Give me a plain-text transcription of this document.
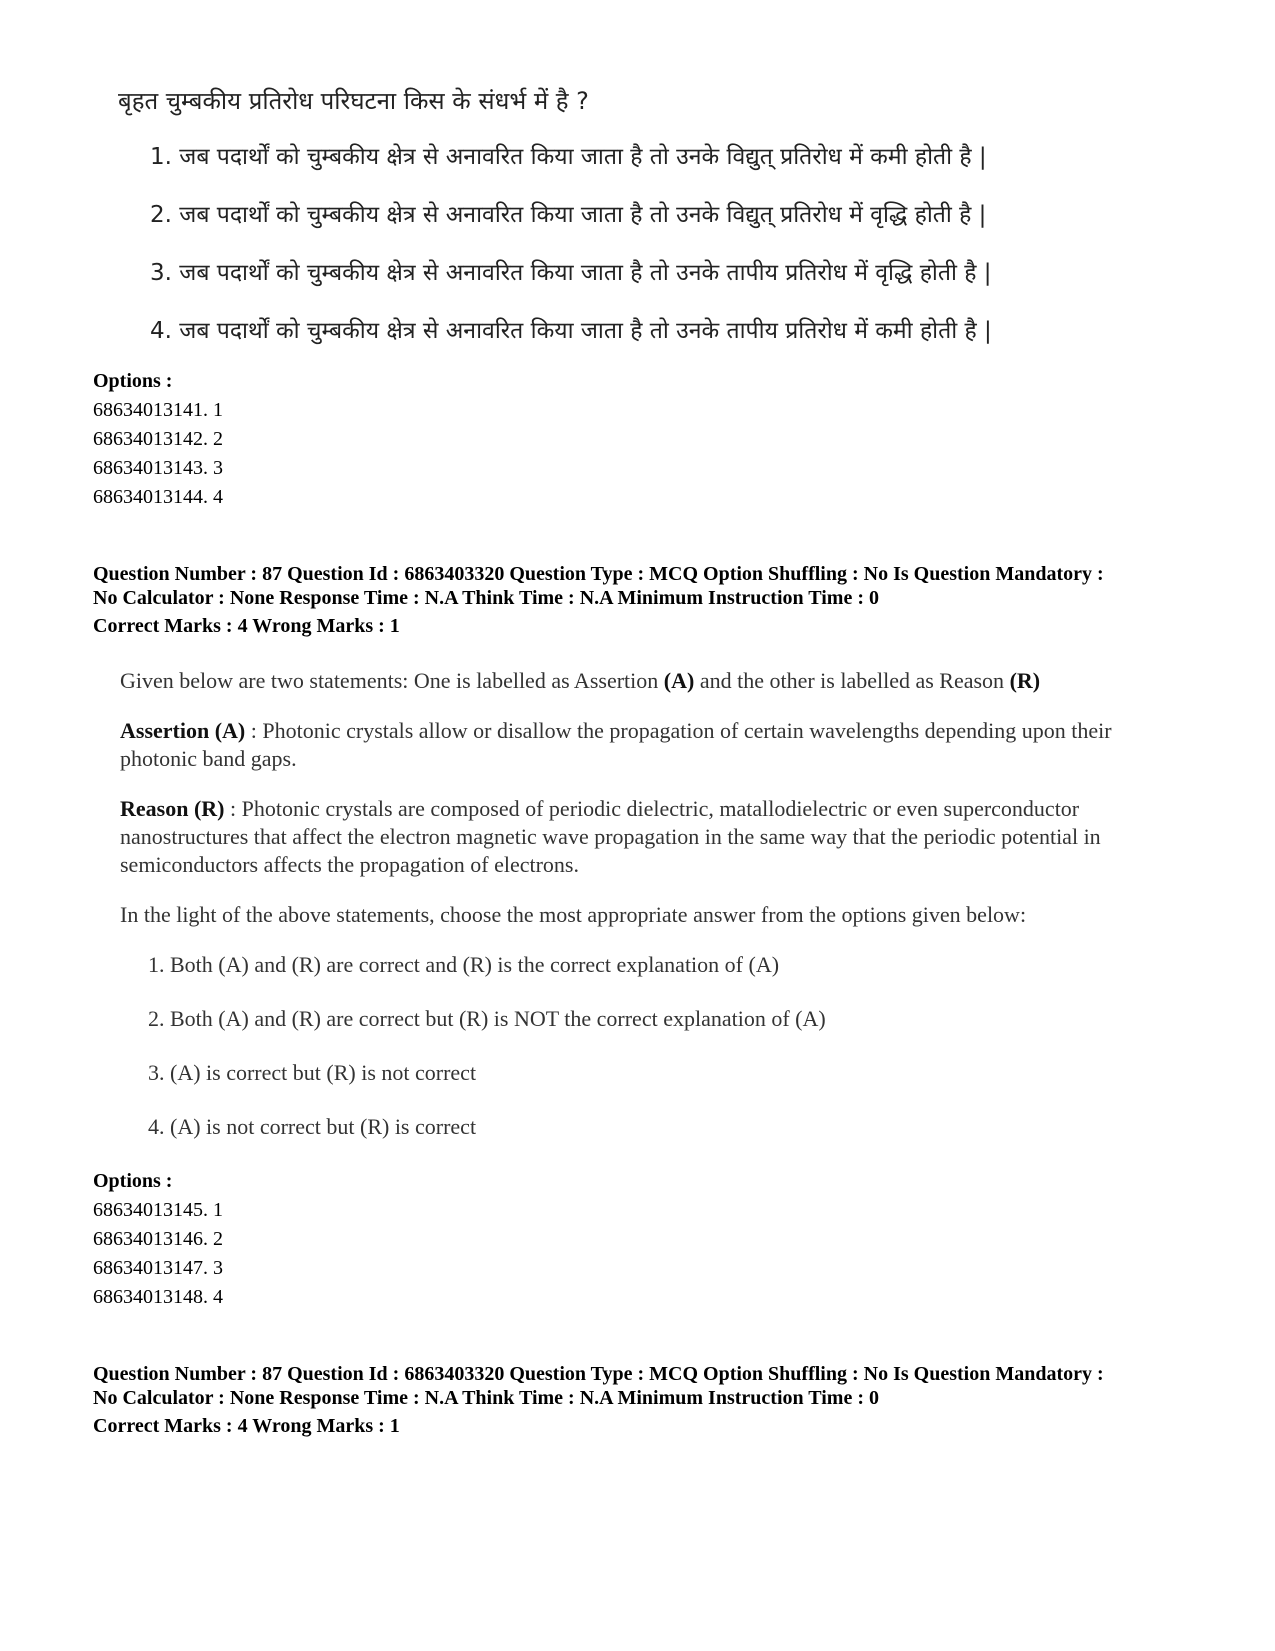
बृहत चुम्बकीय प्रतिरोध परिघटना किस के संधर्भ में है ?

1. जब पदार्थों को चुम्बकीय क्षेत्र से अनावरित किया जाता है तो उनके विद्युत् प्रतिरोध में कमी होती है |

2. जब पदार्थों को चुम्बकीय क्षेत्र से अनावरित किया जाता है तो उनके विद्युत् प्रतिरोध में वृद्धि होती है |

3. जब पदार्थों को चुम्बकीय क्षेत्र से अनावरित किया जाता है तो उनके तापीय प्रतिरोध में वृद्धि होती है |

4. जब पदार्थों को चुम्बकीय क्षेत्र से अनावरित किया जाता है तो उनके तापीय प्रतिरोध में कमी होती है |

Options :

68634013141. 1

68634013142. 2

68634013143. 3

68634013144. 4

Question Number : 87 Question Id : 6863403320 Question Type : MCQ Option Shuffling : No Is Question Mandatory :

No Calculator : None Response Time : N.A Think Time : N.A Minimum Instruction Time : 0

Correct Marks : 4 Wrong Marks : 1

Given below are two statements: One is labelled as Assertion (A) and the other is labelled as Reason (R)

Assertion (A) : Photonic crystals allow or disallow the propagation of certain wavelengths depending upon their photonic band gaps.

Reason (R) : Photonic crystals are composed of periodic dielectric, matallodielectric or even superconductor nanostructures that affect the electron magnetic wave propagation in the same way that the periodic potential in semiconductors affects the propagation of electrons.

In the light of the above statements, choose the most appropriate answer from the options given below:

1. Both (A) and (R) are correct and (R) is the correct explanation of (A)

2. Both (A) and (R) are correct but (R) is NOT the correct explanation of (A)

3. (A) is correct but (R) is not correct

4. (A) is not correct but (R) is correct

Options :

68634013145. 1

68634013146. 2

68634013147. 3

68634013148. 4

Question Number : 87 Question Id : 6863403320 Question Type : MCQ Option Shuffling : No Is Question Mandatory :

No Calculator : None Response Time : N.A Think Time : N.A Minimum Instruction Time : 0

Correct Marks : 4 Wrong Marks : 1
